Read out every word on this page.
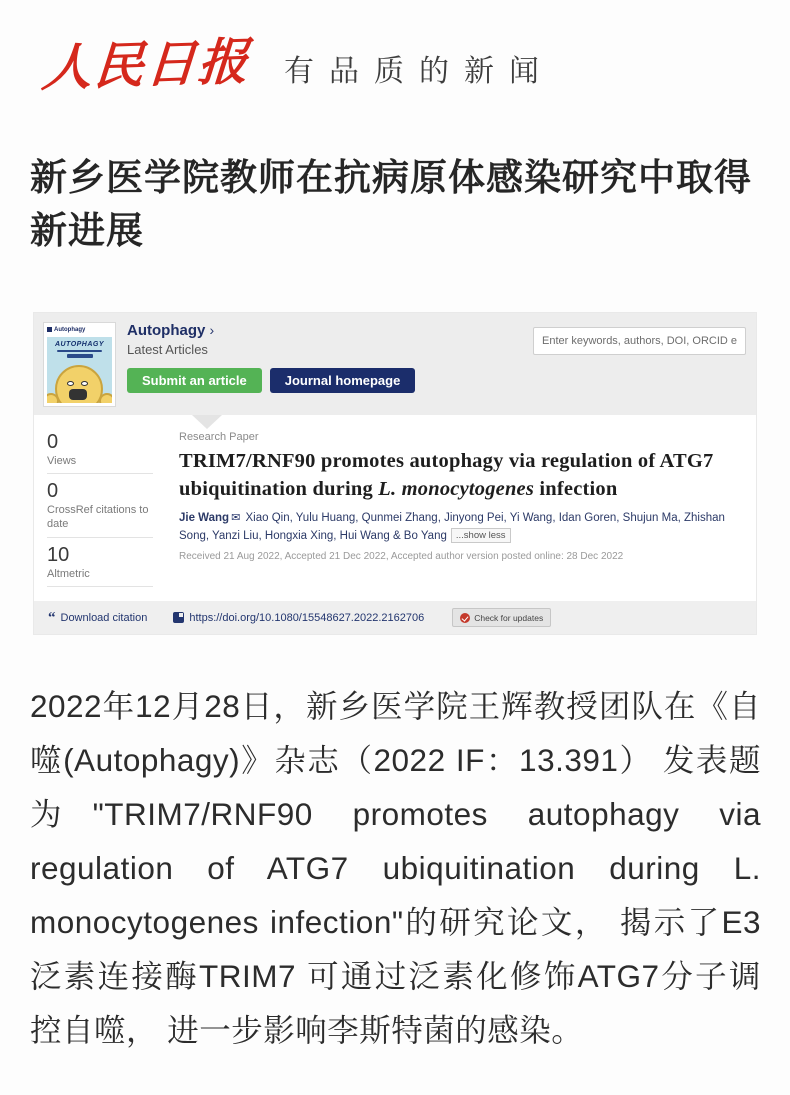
人民日报 有品质的新闻
新乡医学院教师在抗病原体感染研究中取得新进展
Autophagy
AUTOPHAGY
Autophagy ›
Latest Articles
Submit an article	Journal homepage
Enter keywords, authors, DOI, ORCID et
0
Views
0
CrossRef citations to date
10
Altmetric
Research Paper
TRIM7/RNF90 promotes autophagy via regulation of ATG7 ubiquitination during L. monocytogenes infection
Jie Wang ✉ Xiao Qin, Yulu Huang, Qunmei Zhang, Jinyong Pei, Yi Wang, Idan Goren, Shujun Ma, Zhishan Song, Yanzi Liu, Hongxia Xing, Hui Wang & Bo Yang ...show less
Received 21 Aug 2022, Accepted 21 Dec 2022, Accepted author version posted online: 28 Dec 2022
“ Download citation	https://doi.org/10.1080/15548627.2022.2162706	Check for updates

2022年12月28日，新乡医学院王辉教授团队在《自噬(Autophagy)》杂志（2022 IF：13.391） 发表题为"TRIM7/RNF90 promotes autophagy via regulation of ATG7 ubiquitination during L. monocytogenes infection"的研究论文， 揭示了E3泛素连接酶TRIM7 可通过泛素化修饰ATG7分子调控自噬， 进一步影响李斯特菌的感染。
